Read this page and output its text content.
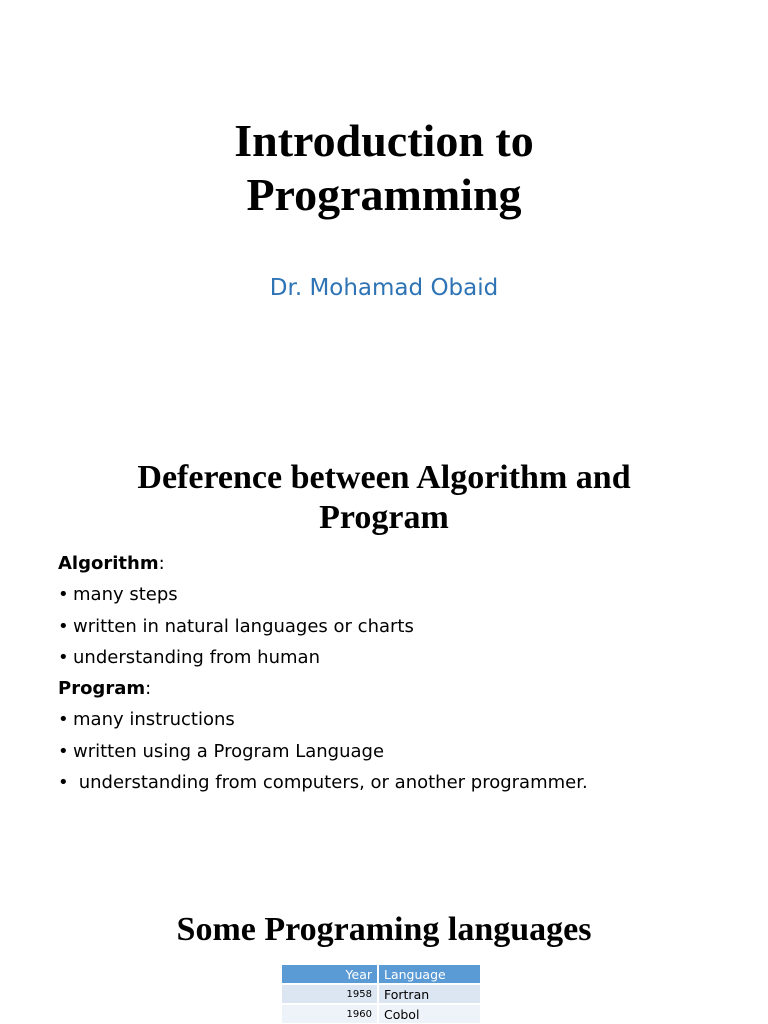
Introduction to
Programming
Dr. Mohamad Obaid
Deference between Algorithm and
Program
Algorithm:
• many steps
• written in natural languages or charts
• understanding from human
Program:
• many instructions
• written using a Program Language
• understanding from computers, or another programmer.
Some Programing languages
Year	Language
1958	Fortran
1960	Cobol
